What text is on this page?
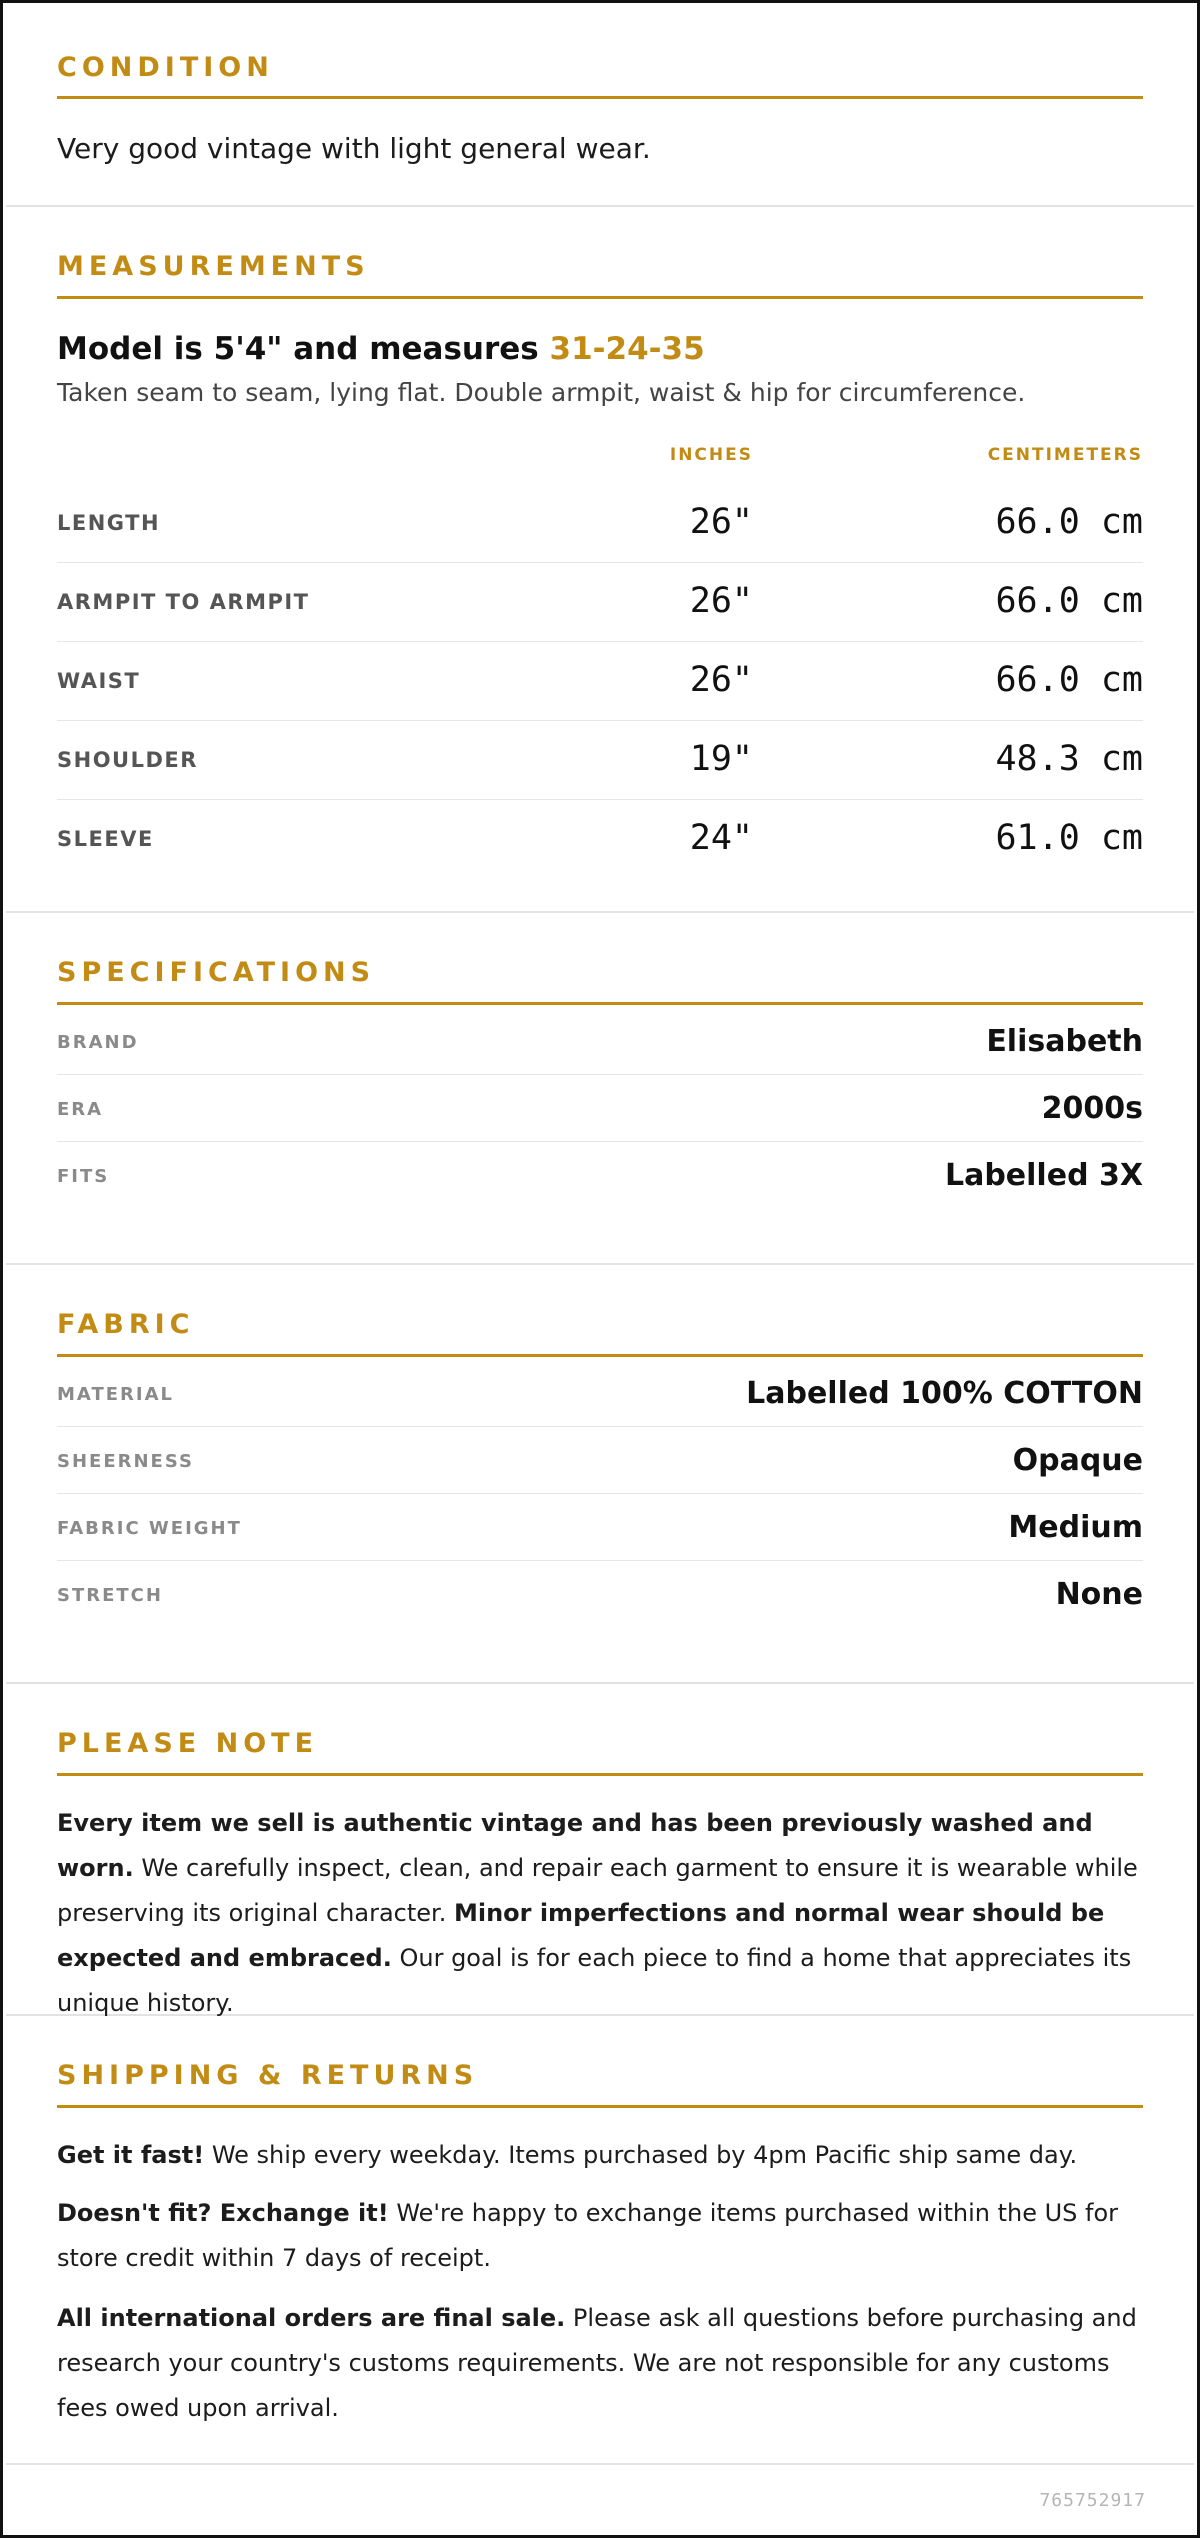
CONDITION
Very good vintage with light general wear.
MEASUREMENTS
Model is 5'4" and measures 31-24-35
Taken seam to seam, lying flat. Double armpit, waist & hip for circumference.
INCHES	CENTIMETERS
LENGTH	26"	66.0 cm
ARMPIT TO ARMPIT	26"	66.0 cm
WAIST	26"	66.0 cm
SHOULDER	19"	48.3 cm
SLEEVE	24"	61.0 cm
SPECIFICATIONS
BRAND	Elisabeth
ERA	2000s
FITS	Labelled 3X
FABRIC
MATERIAL	Labelled 100% COTTON
SHEERNESS	Opaque
FABRIC WEIGHT	Medium
STRETCH	None
PLEASE NOTE
Every item we sell is authentic vintage and has been previously washed and worn. We carefully inspect, clean, and repair each garment to ensure it is wearable while preserving its original character. Minor imperfections and normal wear should be expected and embraced. Our goal is for each piece to find a home that appreciates its unique history.
SHIPPING & RETURNS
Get it fast! We ship every weekday. Items purchased by 4pm Pacific ship same day.
Doesn't fit? Exchange it! We're happy to exchange items purchased within the US for store credit within 7 days of receipt.
All international orders are final sale. Please ask all questions before purchasing and research your country's customs requirements. We are not responsible for any customs fees owed upon arrival.
765752917
